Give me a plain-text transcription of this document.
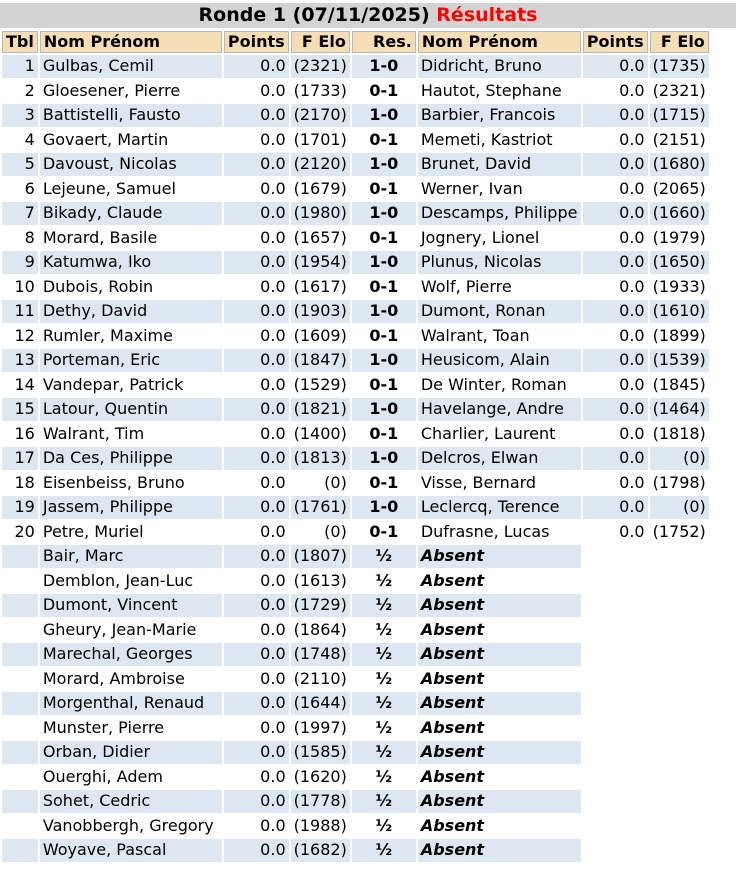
Ronde 1 (07/11/2025) Résultats
Tbl	Nom Prénom	Points	F Elo	Res.	Nom Prénom	Points	F Elo
1	Gulbas, Cemil	0.0	(2321)	1-0	Didricht, Bruno	0.0	(1735)
2	Gloesener, Pierre	0.0	(1733)	0-1	Hautot, Stephane	0.0	(2321)
3	Battistelli, Fausto	0.0	(2170)	1-0	Barbier, Francois	0.0	(1715)
4	Govaert, Martin	0.0	(1701)	0-1	Memeti, Kastriot	0.0	(2151)
5	Davoust, Nicolas	0.0	(2120)	1-0	Brunet, David	0.0	(1680)
6	Lejeune, Samuel	0.0	(1679)	0-1	Werner, Ivan	0.0	(2065)
7	Bikady, Claude	0.0	(1980)	1-0	Descamps, Philippe	0.0	(1660)
8	Morard, Basile	0.0	(1657)	0-1	Jognery, Lionel	0.0	(1979)
9	Katumwa, Iko	0.0	(1954)	1-0	Plunus, Nicolas	0.0	(1650)
10	Dubois, Robin	0.0	(1617)	0-1	Wolf, Pierre	0.0	(1933)
11	Dethy, David	0.0	(1903)	1-0	Dumont, Ronan	0.0	(1610)
12	Rumler, Maxime	0.0	(1609)	0-1	Walrant, Toan	0.0	(1899)
13	Porteman, Eric	0.0	(1847)	1-0	Heusicom, Alain	0.0	(1539)
14	Vandepar, Patrick	0.0	(1529)	0-1	De Winter, Roman	0.0	(1845)
15	Latour, Quentin	0.0	(1821)	1-0	Havelange, Andre	0.0	(1464)
16	Walrant, Tim	0.0	(1400)	0-1	Charlier, Laurent	0.0	(1818)
17	Da Ces, Philippe	0.0	(1813)	1-0	Delcros, Elwan	0.0	(0)
18	Eisenbeiss, Bruno	0.0	(0)	0-1	Visse, Bernard	0.0	(1798)
19	Jassem, Philippe	0.0	(1761)	1-0	Leclercq, Terence	0.0	(0)
20	Petre, Muriel	0.0	(0)	0-1	Dufrasne, Lucas	0.0	(1752)
	Bair, Marc	0.0	(1807)	½	Absent		
	Demblon, Jean-Luc	0.0	(1613)	½	Absent		
	Dumont, Vincent	0.0	(1729)	½	Absent		
	Gheury, Jean-Marie	0.0	(1864)	½	Absent		
	Marechal, Georges	0.0	(1748)	½	Absent		
	Morard, Ambroise	0.0	(2110)	½	Absent		
	Morgenthal, Renaud	0.0	(1644)	½	Absent		
	Munster, Pierre	0.0	(1997)	½	Absent		
	Orban, Didier	0.0	(1585)	½	Absent		
	Ouerghi, Adem	0.0	(1620)	½	Absent		
	Sohet, Cedric	0.0	(1778)	½	Absent		
	Vanobbergh, Gregory	0.0	(1988)	½	Absent		
	Woyave, Pascal	0.0	(1682)	½	Absent		
